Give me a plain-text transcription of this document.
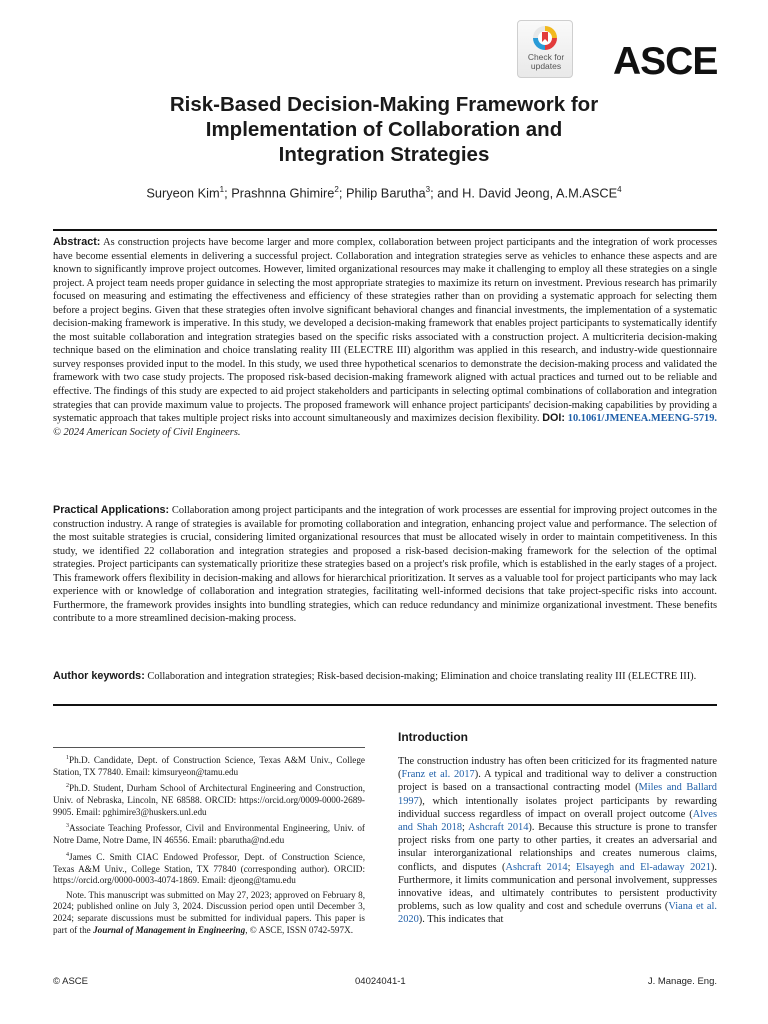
Check for updates ASCE
Risk-Based Decision-Making Framework for
Implementation of Collaboration and
Integration Strategies
Suryeon Kim$^1$; Prashnna Ghimire$^2$; Philip Barutha$^3$; and H. David Jeong, A.M.ASCE$^4$
Abstract: As construction projects have become larger and more complex, collaboration between project participants and the integration of work processes have become essential elements in delivering a successful project. Collaboration and integration strategies serve as vehicles to enhance these aspects and are known to significantly improve project outcomes. However, limited organizational resources may make it challenging to employ all these strategies on a single project. A project team needs proper guidance in selecting the most appropriate strategies to maximize its return on investment. Previous research has primarily focused on measuring and estimating the effectiveness and efficiency of these strategies rather than on providing a systematic approach for selecting them before a project begins. Given that these strategies often involve significant behavioral changes and financial investments, the implementation of a systematic decision-making framework is imperative. In this study, we developed a decision-making framework that enables project participants to systematically identify the most suitable collaboration and integration strategies based on the specific risks associated with a construction project. A multicriteria decision-making technique based on the elimination and choice translating reality III (ELECTRE III) algorithm was applied in this research, and industry-wide questionnaire survey responses provided input to the model. In this study, we used three hypothetical scenarios to demonstrate the decision-making process and validated the framework with two case study projects. The proposed risk-based decision-making framework aligned with actual practices and turned out to be reliable and effective. The findings of this study are expected to aid project stakeholders and participants in selecting optimal combinations of collaboration and integration strategies that can provide maximum value to projects. The proposed framework will enhance project participants' decision-making capabilities by providing a systematic approach that takes multiple project risks into account simultaneously and maximizes decision flexibility. DOI: 10.1061/JMENEA.MEENG-5719. © 2024 American Society of Civil Engineers.
Practical Applications: Collaboration among project participants and the integration of work processes are essential for improving project outcomes in the construction industry. A range of strategies is available for promoting collaboration and integration, enhancing project value and performance. The selection of the most suitable strategies is crucial, considering limited organizational resources that must be allocated wisely in order to maintain competitiveness. In this study, we identified 22 collaboration and integration strategies and proposed a risk-based decision-making framework for the selection of the optimal strategies. Project participants can systematically prioritize these strategies based on a project's risk profile, which is established in the early stages of a project. This framework offers flexibility in decision-making and allows for hierarchical prioritization. It serves as a valuable tool for project participants who may lack experience with or knowledge of collaboration and integration strategies, facilitating well-informed decisions that take project-specific risks into account. Furthermore, the framework provides insights into bundling strategies, which can reduce redundancy and minimize organizational investment. These benefits contribute to a more streamlined decision-making process.
Author keywords: Collaboration and integration strategies; Risk-based decision-making; Elimination and choice translating reality III (ELECTRE III).

$^1$Ph.D. Candidate, Dept. of Construction Science, Texas A&M Univ., College Station, TX 77840. Email: kimsuryeon@tamu.edu

$^2$Ph.D. Student, Durham School of Architectural Engineering and Construction, Univ. of Nebraska, Lincoln, NE 68588. ORCID: https://orcid.org/0009-0000-2689-9905. Email: pghimire3@huskers.unl.edu

$^3$Associate Teaching Professor, Civil and Environmental Engineering, Univ. of Notre Dame, Notre Dame, IN 46556. Email: pbarutha@nd.edu

$^4$James C. Smith CIAC Endowed Professor, Dept. of Construction Science, Texas A&M Univ., College Station, TX 77840 (corresponding author). ORCID: https://orcid.org/0000-0003-4074-1869. Email: djeong@tamu.edu

Note. This manuscript was submitted on May 27, 2023; approved on February 8, 2024; published online on July 3, 2024. Discussion period open until December 3, 2024; separate discussions must be submitted for individual papers. This paper is part of the Journal of Management in Engineering, © ASCE, ISSN 0742-597X.

Introduction
The construction industry has often been criticized for its fragmented nature (Franz et al. 2017). A typical and traditional way to deliver a construction project is based on a transactional contracting model (Miles and Ballard 1997), which intentionally isolates project participants by rewarding individual success regardless of impact on overall project outcome (Alves and Shah 2018; Ashcraft 2014). Because this structure is prone to transfer project risks from one party to other parties, it creates an adversarial and insular interorganizational relationships and creates numerous claims, conflicts, and disputes (Ashcraft 2014; Elsayegh and El-adaway 2021). Furthermore, it limits communication and personal involvement, suppresses innovative ideas, and ultimately contributes to persistent productivity problems, such as low quality and cost and schedule overruns (Viana et al. 2020). This indicates that
© ASCE	04024041-1	J. Manage. Eng.
